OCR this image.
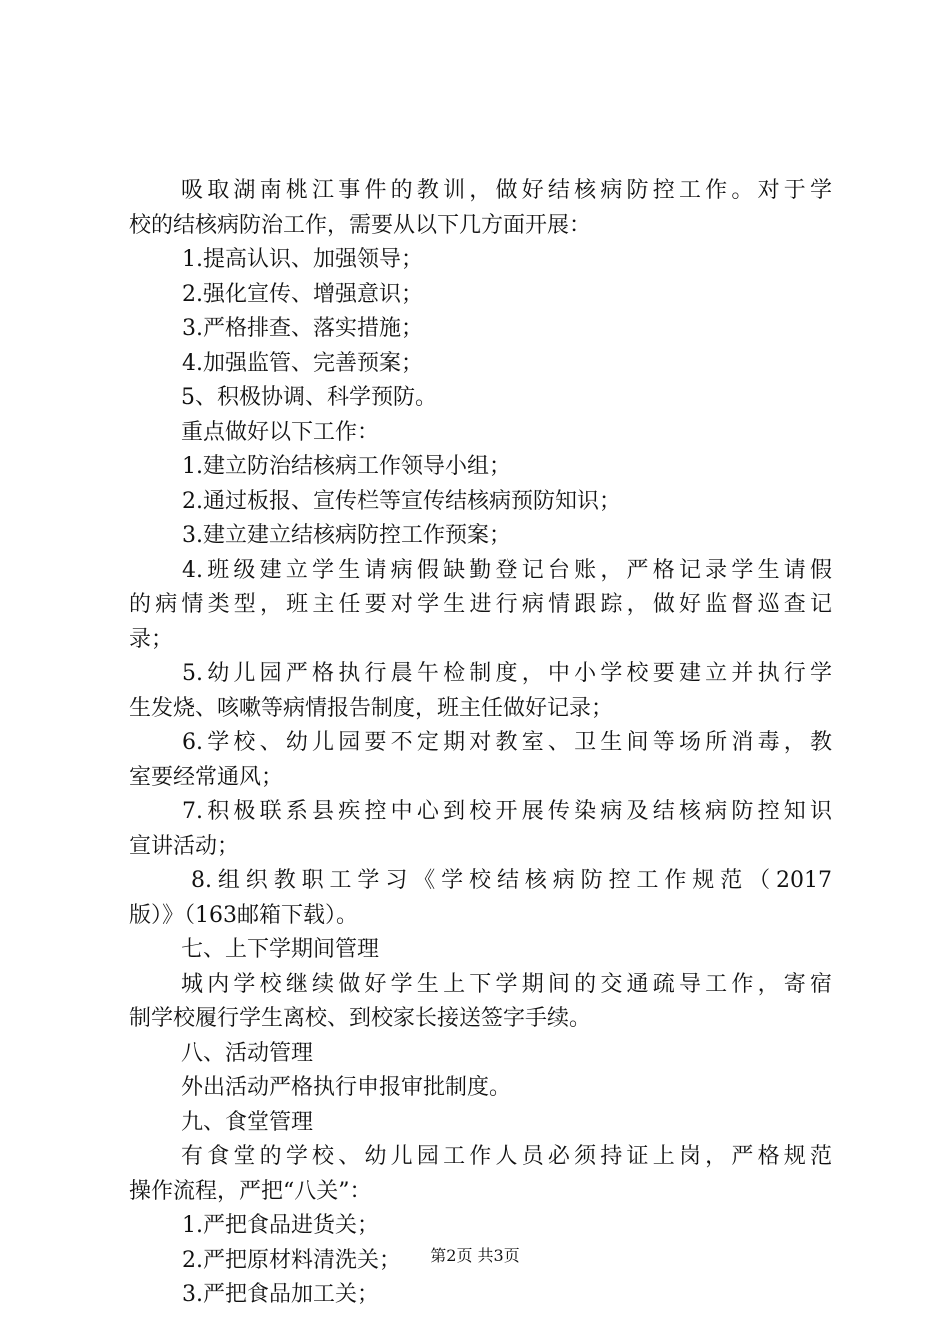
吸取湖南桃江事件的教训，做好结核病防控工作。对于学
校的结核病防治工作，需要从以下几方面开展：
1.提高认识、加强领导；
2.强化宣传、增强意识；
3.严格排查、落实措施；
4.加强监管、完善预案；
5、积极协调、科学预防。
重点做好以下工作：
1.建立防治结核病工作领导小组；
2.通过板报、宣传栏等宣传结核病预防知识；
3.建立建立结核病防控工作预案；
4.班级建立学生请病假缺勤登记台账，严格记录学生请假
的病情类型，班主任要对学生进行病情跟踪，做好监督巡查记
录；
5.幼儿园严格执行晨午检制度，中小学校要建立并执行学
生发烧、咳嗽等病情报告制度，班主任做好记录；
6.学校、幼儿园要不定期对教室、卫生间等场所消毒，教
室要经常通风；
7.积极联系县疾控中心到校开展传染病及结核病防控知识
宣讲活动；
8.组织教职工学习《学校结核病防控工作规范（2017
版）》（163邮箱下载）。
七、上下学期间管理
城内学校继续做好学生上下学期间的交通疏导工作，寄宿
制学校履行学生离校、到校家长接送签字手续。
八、活动管理
外出活动严格执行申报审批制度。
九、食堂管理
有食堂的学校、幼儿园工作人员必须持证上岗，严格规范
操作流程，严把“八关”：
1.严把食品进货关；
2.严把原材料清洗关；
3.严把食品加工关；
第2页 共3页
